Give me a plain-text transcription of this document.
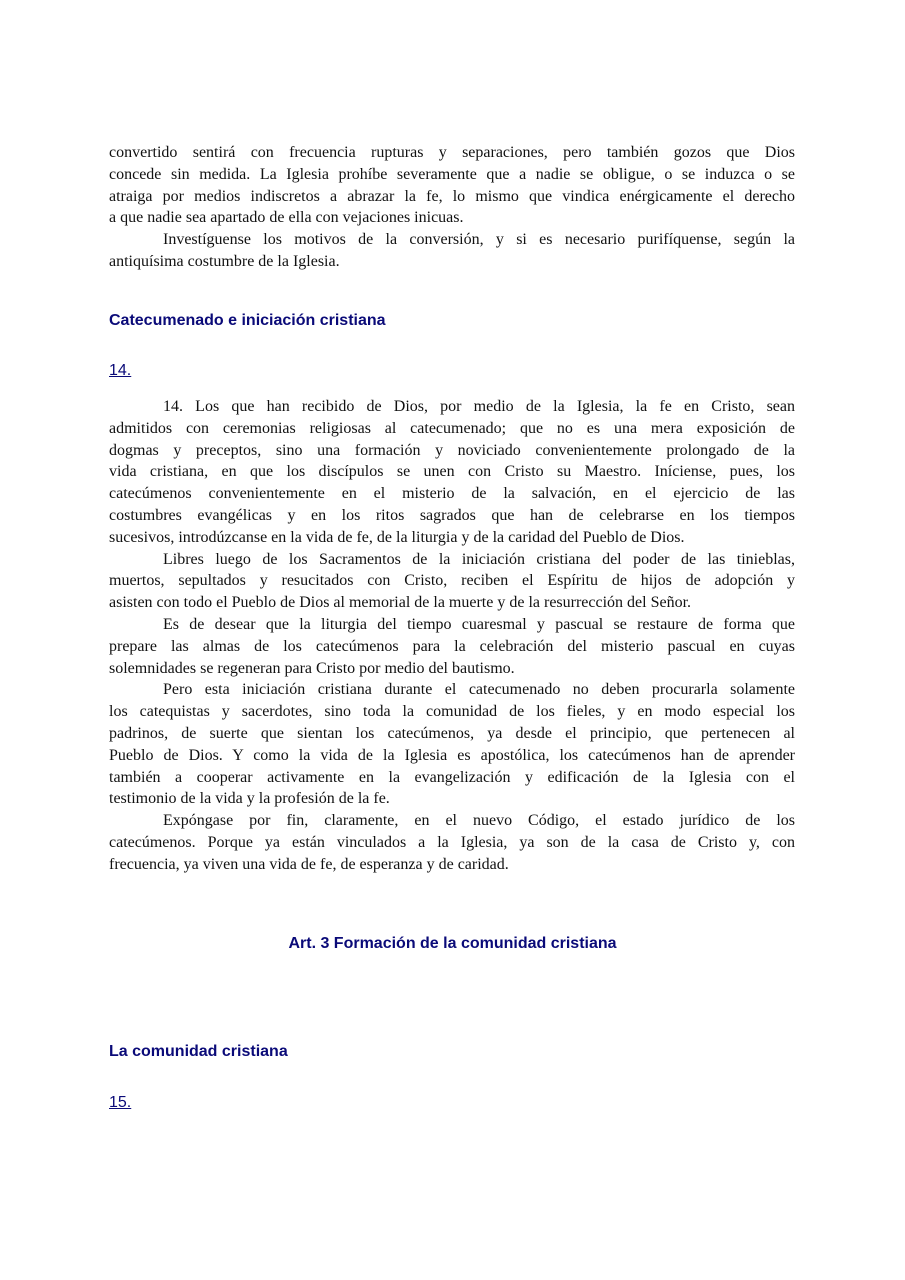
convertido sentirá con frecuencia rupturas y separaciones, pero también gozos que Dios
concede sin medida. La Iglesia prohíbe severamente que a nadie se obligue, o se induzca o se
atraiga por medios indiscretos a abrazar la fe, lo mismo que vindica enérgicamente el derecho
a que nadie sea apartado de ella con vejaciones inicuas.
Investíguense los motivos de la conversión, y si es necesario purifíquense, según la
antiquísima costumbre de la Iglesia.
Catecumenado e iniciación cristiana
14.
14. Los que han recibido de Dios, por medio de la Iglesia, la fe en Cristo, sean
admitidos con ceremonias religiosas al catecumenado; que no es una mera exposición de
dogmas y preceptos, sino una formación y noviciado convenientemente prolongado de la
vida cristiana, en que los discípulos se unen con Cristo su Maestro. Iníciense, pues, los
catecúmenos convenientemente en el misterio de la salvación, en el ejercicio de las
costumbres evangélicas y en los ritos sagrados que han de celebrarse en los tiempos
sucesivos, introdúzcanse en la vida de fe, de la liturgia y de la caridad del Pueblo de Dios.
Libres luego de los Sacramentos de la iniciación cristiana del poder de las tinieblas,
muertos, sepultados y resucitados con Cristo, reciben el Espíritu de hijos de adopción y
asisten con todo el Pueblo de Dios al memorial de la muerte y de la resurrección del Señor.
Es de desear que la liturgia del tiempo cuaresmal y pascual se restaure de forma que
prepare las almas de los catecúmenos para la celebración del misterio pascual en cuyas
solemnidades se regeneran para Cristo por medio del bautismo.
Pero esta iniciación cristiana durante el catecumenado no deben procurarla solamente
los catequistas y sacerdotes, sino toda la comunidad de los fieles, y en modo especial los
padrinos, de suerte que sientan los catecúmenos, ya desde el principio, que pertenecen al
Pueblo de Dios. Y como la vida de la Iglesia es apostólica, los catecúmenos han de aprender
también a cooperar activamente en la evangelización y edificación de la Iglesia con el
testimonio de la vida y la profesión de la fe.
Expóngase por fin, claramente, en el nuevo Código, el estado jurídico de los
catecúmenos. Porque ya están vinculados a la Iglesia, ya son de la casa de Cristo y, con
frecuencia, ya viven una vida de fe, de esperanza y de caridad.
Art. 3 Formación de la comunidad cristiana
La comunidad cristiana
15.
